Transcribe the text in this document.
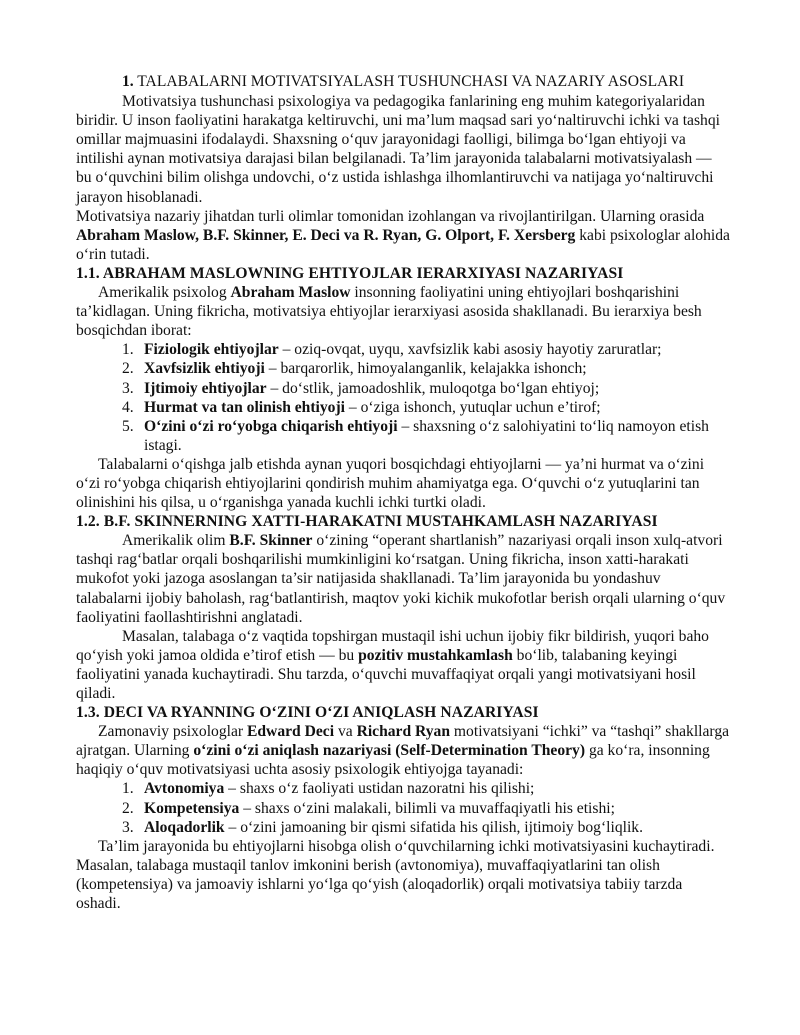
1. TALABALARNI MOTIVATSIYALASH TUSHUNCHASI VA NAZARIY ASOSLARI

Motivatsiya tushunchasi psixologiya va pedagogika fanlarining eng muhim kategoriyalaridan biridir. U inson faoliyatini harakatga keltiruvchi, uni ma’lum maqsad sari yo‘naltiruvchi ichki va tashqi omillar majmuasini ifodalaydi. Shaxsning o‘quv jarayonidagi faolligi, bilimga bo‘lgan ehtiyoji va intilishi aynan motivatsiya darajasi bilan belgilanadi. Ta’lim jarayonida talabalarni motivatsiyalash — bu o‘quvchini bilim olishga undovchi, o‘z ustida ishlashga ilhomlantiruvchi va natijaga yo‘naltiruvchi jarayon hisoblanadi.

Motivatsiya nazariy jihatdan turli olimlar tomonidan izohlangan va rivojlantirilgan. Ularning orasida Abraham Maslow, B.F. Skinner, E. Deci va R. Ryan, G. Olport, F. Xersberg kabi psixologlar alohida o‘rin tutadi.

1.1. ABRAHAM MASLOWNING EHTIYOJLAR IERARXIYASI NAZARIYASI

Amerikalik psixolog Abraham Maslow insonning faoliyatini uning ehtiyojlari boshqarishini ta’kidlagan. Uning fikricha, motivatsiya ehtiyojlar ierarxiyasi asosida shakllanadi. Bu ierarxiya besh bosqichdan iborat:

1. Fiziologik ehtiyojlar – oziq-ovqat, uyqu, xavfsizlik kabi asosiy hayotiy zaruratlar;
2. Xavfsizlik ehtiyoji – barqarorlik, himoyalanganlik, kelajakka ishonch;
3. Ijtimoiy ehtiyojlar – do‘stlik, jamoadoshlik, muloqotga bo‘lgan ehtiyoj;
4. Hurmat va tan olinish ehtiyoji – o‘ziga ishonch, yutuqlar uchun e’tirof;
5. O‘zini o‘zi ro‘yobga chiqarish ehtiyoji – shaxsning o‘z salohiyatini to‘liq namoyon etish istagi.

Talabalarni o‘qishga jalb etishda aynan yuqori bosqichdagi ehtiyojlarni — ya’ni hurmat va o‘zini o‘zi ro‘yobga chiqarish ehtiyojlarini qondirish muhim ahamiyatga ega. O‘quvchi o‘z yutuqlarini tan olinishini his qilsa, u o‘rganishga yanada kuchli ichki turtki oladi.

1.2. B.F. SKINNERNING XATTI-HARAKATNI MUSTAHKAMLASH NAZARIYASI

Amerikalik olim B.F. Skinner o‘zining “operant shartlanish” nazariyasi orqali inson xulq-atvori tashqi rag‘batlar orqali boshqarilishi mumkinligini ko‘rsatgan. Uning fikricha, inson xatti-harakati mukofot yoki jazoga asoslangan ta’sir natijasida shakllanadi. Ta’lim jarayonida bu yondashuv talabalarni ijobiy baholash, rag‘batlantirish, maqtov yoki kichik mukofotlar berish orqali ularning o‘quv faoliyatini faollashtirishni anglatadi.

Masalan, talabaga o‘z vaqtida topshirgan mustaqil ishi uchun ijobiy fikr bildirish, yuqori baho qo‘yish yoki jamoa oldida e’tirof etish — bu pozitiv mustahkamlash bo‘lib, talabaning keyingi faoliyatini yanada kuchaytiradi. Shu tarzda, o‘quvchi muvaffaqiyat orqali yangi motivatsiyani hosil qiladi.

1.3. DECI VA RYANNING O‘ZINI O‘ZI ANIQLASH NAZARIYASI

Zamonaviy psixologlar Edward Deci va Richard Ryan motivatsiyani “ichki” va “tashqi” shakllarga ajratgan. Ularning o‘zini o‘zi aniqlash nazariyasi (Self-Determination Theory) ga ko‘ra, insonning haqiqiy o‘quv motivatsiyasi uchta asosiy psixologik ehtiyojga tayanadi:

1. Avtonomiya – shaxs o‘z faoliyati ustidan nazoratni his qilishi;
2. Kompetensiya – shaxs o‘zini malakali, bilimli va muvaffaqiyatli his etishi;
3. Aloqadorlik – o‘zini jamoaning bir qismi sifatida his qilish, ijtimoiy bog‘liqlik.

Ta’lim jarayonida bu ehtiyojlarni hisobga olish o‘quvchilarning ichki motivatsiyasini kuchaytiradi. Masalan, talabaga mustaqil tanlov imkonini berish (avtonomiya), muvaffaqiyatlarini tan olish (kompetensiya) va jamoaviy ishlarni yo‘lga qo‘yish (aloqadorlik) orqali motivatsiya tabiiy tarzda oshadi.
